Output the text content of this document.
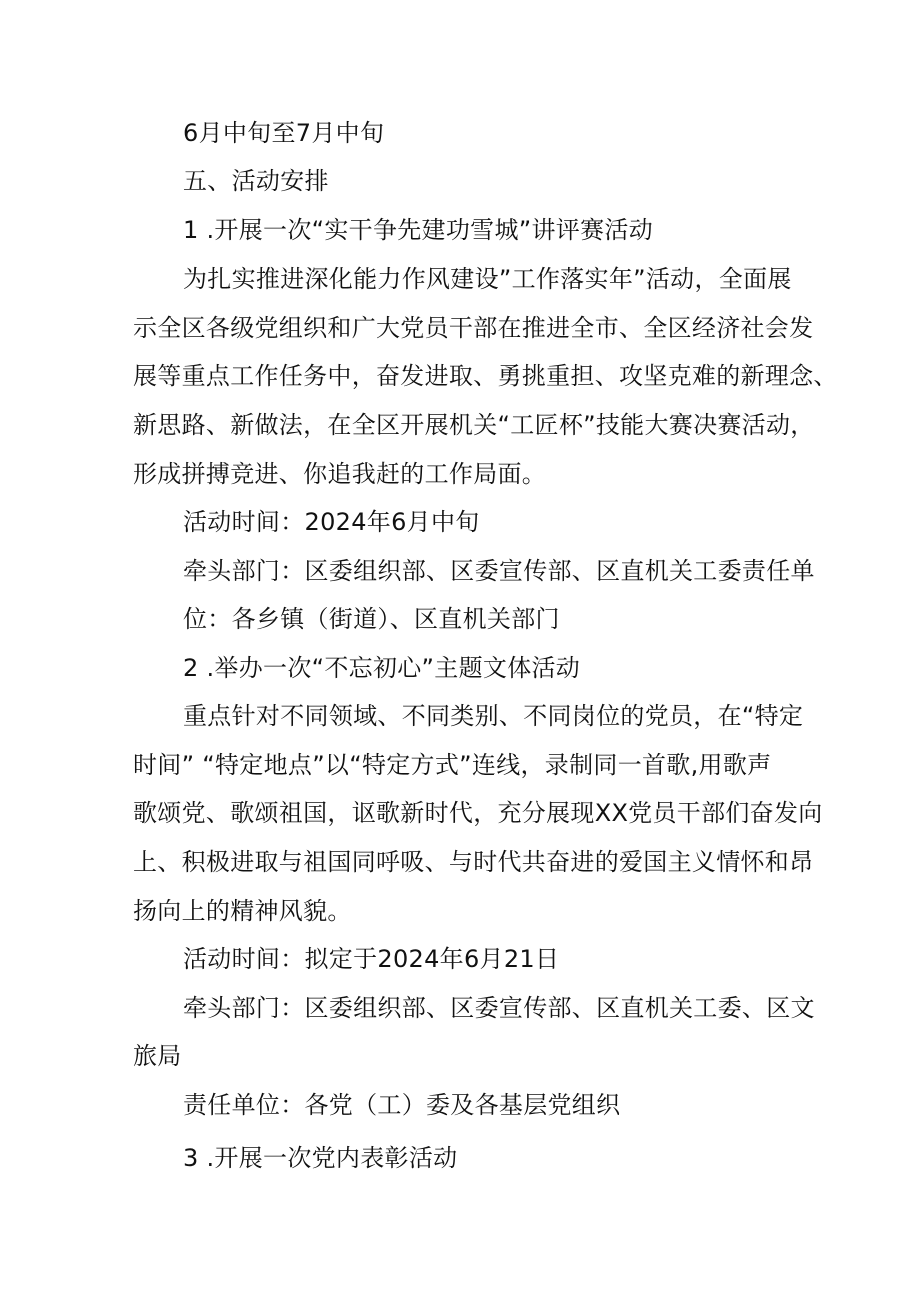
6月中旬至7月中旬
五、活动安排
1 .开展一次“实干争先建功雪城”讲评赛活动
为扎实推进深化能力作风建设”工作落实年”活动，全面展
示全区各级党组织和广大党员干部在推进全市、全区经济社会发
展等重点工作任务中，奋发进取、勇挑重担、攻坚克难的新理念、
新思路、新做法，在全区开展机关“工匠杯”技能大赛决赛活动，
形成拼搏竞进、你追我赶的工作局面。
活动时间：2024年6月中旬
牵头部门：区委组织部、区委宣传部、区直机关工委责任单
位：各乡镇（街道）、区直机关部门
2 .举办一次“不忘初心”主题文体活动
重点针对不同领域、不同类别、不同岗位的党员，在“特定
时间” “特定地点”以“特定方式”连线，录制同一首歌,用歌声
歌颂党、歌颂祖国，讴歌新时代，充分展现XX党员干部们奋发向
上、积极进取与祖国同呼吸、与时代共奋进的爱国主义情怀和昂
扬向上的精神风貌。
活动时间：拟定于2024年6月21日
牵头部门：区委组织部、区委宣传部、区直机关工委、区文
旅局
责任单位：各党（工）委及各基层党组织
3 .开展一次党内表彰活动
